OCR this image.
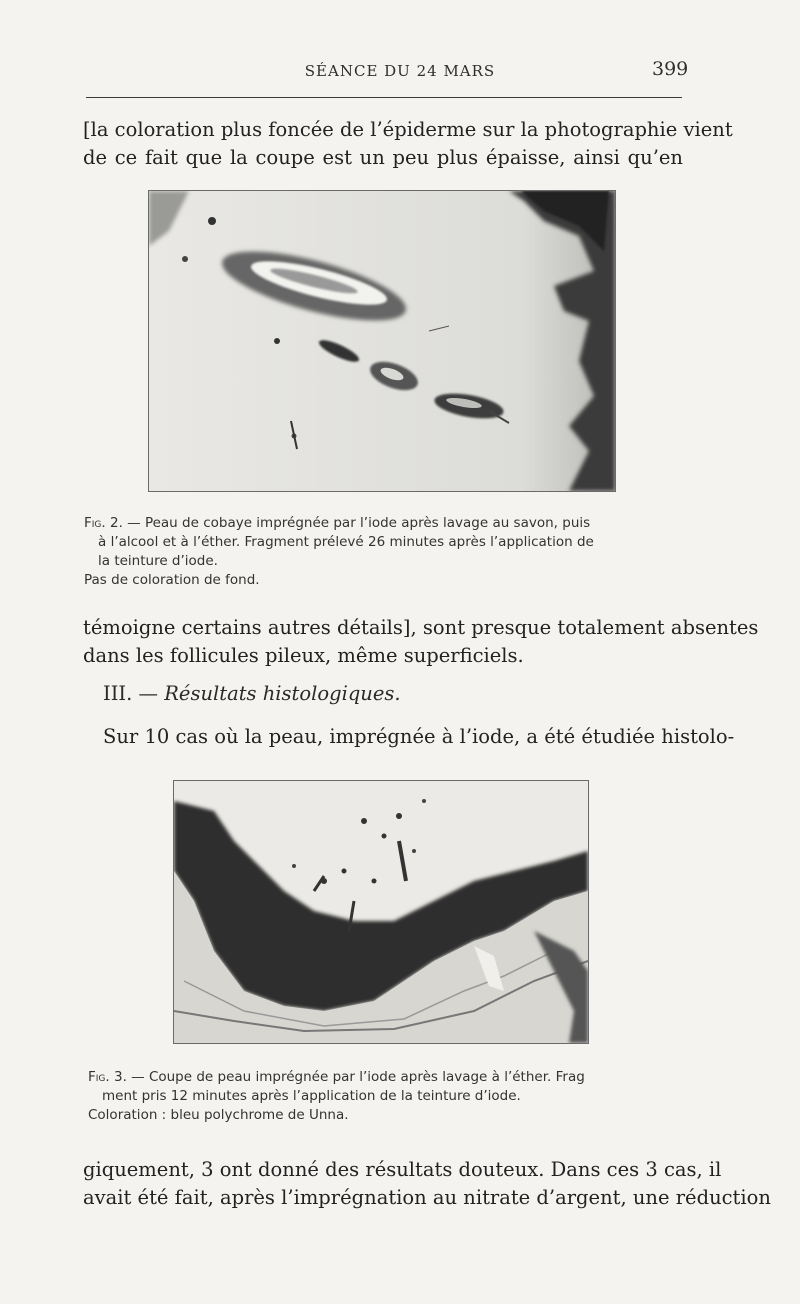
SÉANCE DU 24 MARS	399

[la coloration plus foncée de l’épiderme sur la photographie vient
de ce fait que la coupe est un peu plus épaisse, ainsi qu’en

Fig. 2. — Peau de cobaye imprégnée par l’iode après lavage au savon, puis
à l’alcool et à l’éther. Fragment prélevé 26 minutes après l’application de
la teinture d’iode.
Pas de coloration de fond.

témoigne certains autres détails], sont presque totalement absentes
dans les follicules pileux, même superficiels.

III. — Résultats histologiques.

Sur 10 cas où la peau, imprégnée à l’iode, a été étudiée histolo-

Fig. 3. — Coupe de peau imprégnée par l’iode après lavage à l’éther. Frag
ment pris 12 minutes après l’application de la teinture d’iode.
Coloration : bleu polychrome de Unna.

giquement, 3 ont donné des résultats douteux. Dans ces 3 cas, il
avait été fait, après l’imprégnation au nitrate d’argent, une réduction
